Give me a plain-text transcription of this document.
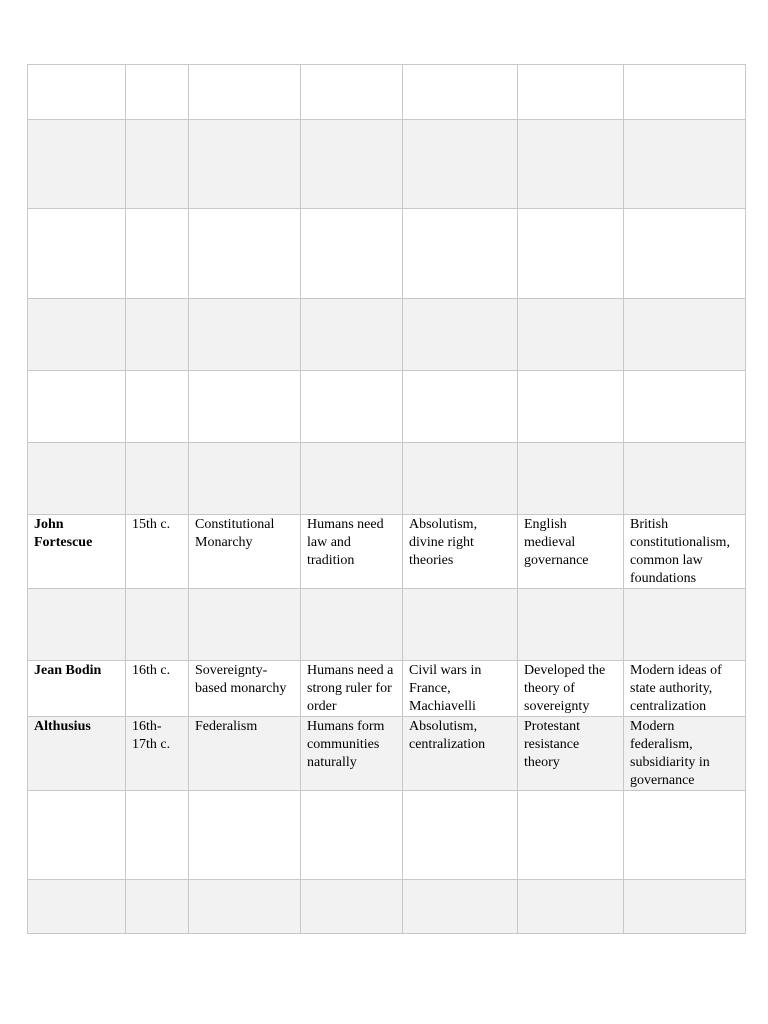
John Fortescue	15th c.	Constitutional Monarchy	Humans need law and tradition	Absolutism, divine right theories	English medieval governance	British constitutionalism, common law foundations

Jean Bodin	16th c.	Sovereignty-based monarchy	Humans need a strong ruler for order	Civil wars in France, Machiavelli	Developed the theory of sovereignty	Modern ideas of state authority, centralization

Althusius	16th-17th c.	Federalism	Humans form communities naturally	Absolutism, centralization	Protestant resistance theory	Modern federalism, subsidiarity in governance
